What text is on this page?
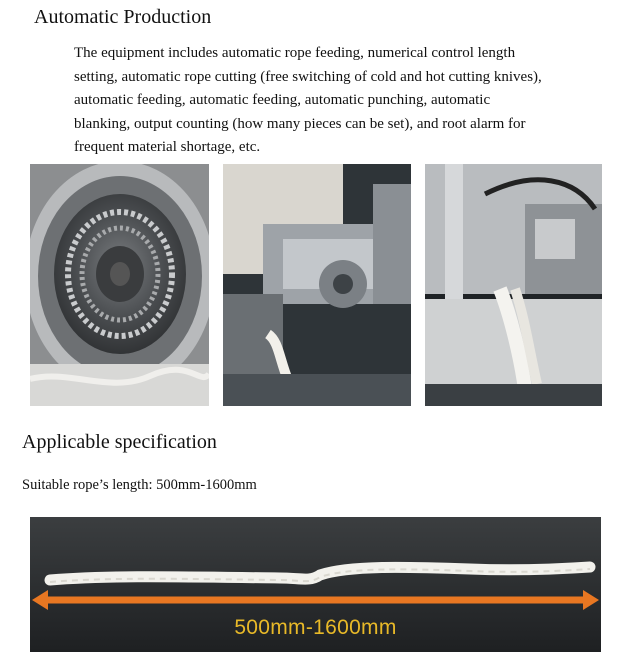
Automatic Production
The equipment includes automatic rope feeding, numerical control length
setting, automatic rope cutting (free switching of cold and hot cutting knives),
automatic feeding, automatic feeding, automatic punching, automatic
blanking, output counting (how many pieces can be set), and root alarm for
frequent material shortage, etc.
Applicable specification
Suitable rope’s length: 500mm-1600mm
500mm-1600mm
